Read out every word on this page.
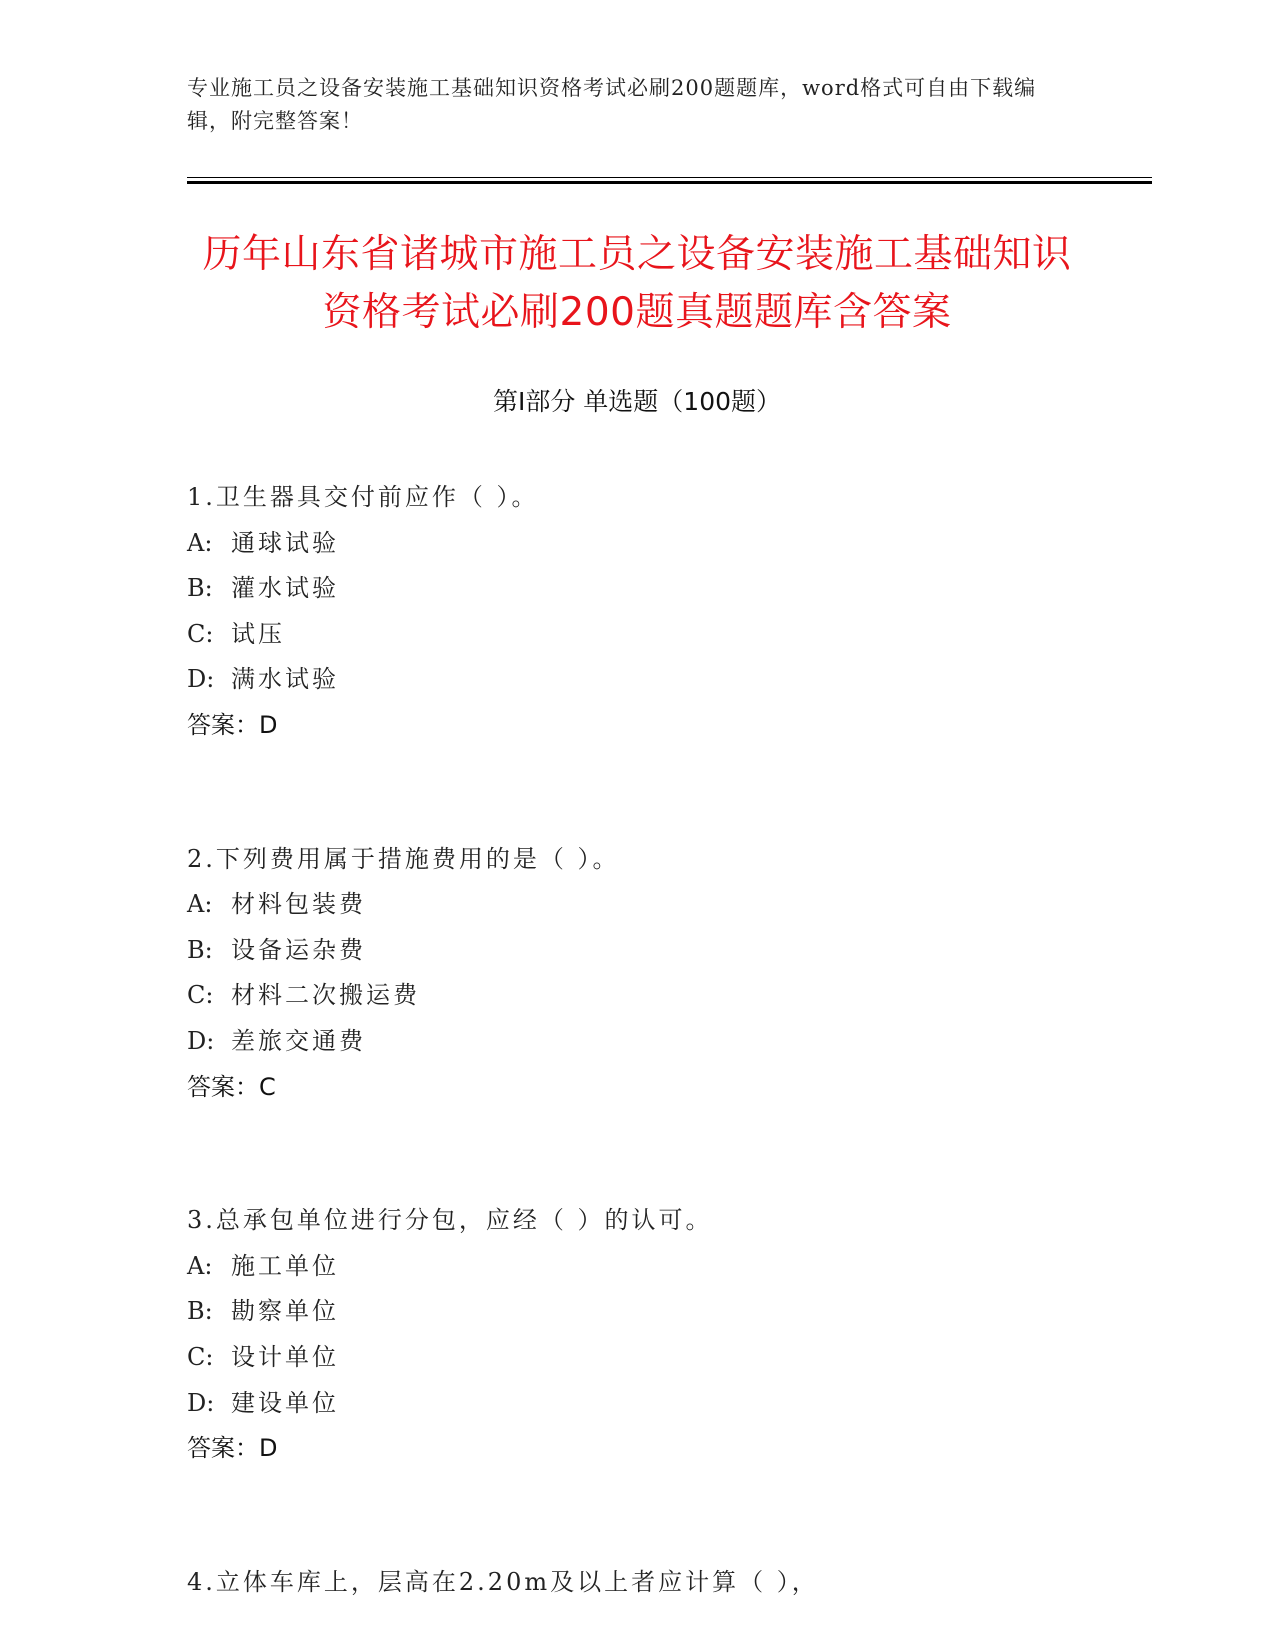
专业施工员之设备安装施工基础知识资格考试必刷200题题库，word格式可自由下载编辑，附完整答案！
历年山东省诸城市施工员之设备安装施工基础知识资格考试必刷200题真题题库含答案
第Ⅰ部分 单选题（100题）
1.卫生器具交付前应作（ ）。
A: 通球试验
B: 灌水试验
C: 试压
D: 满水试验
答案：D
2.下列费用属于措施费用的是（ ）。
A: 材料包装费
B: 设备运杂费
C: 材料二次搬运费
D: 差旅交通费
答案：C
3.总承包单位进行分包，应经（ ）的认可。
A: 施工单位
B: 勘察单位
C: 设计单位
D: 建设单位
答案：D
4.立体车库上，层高在2.20m及以上者应计算（ ），
